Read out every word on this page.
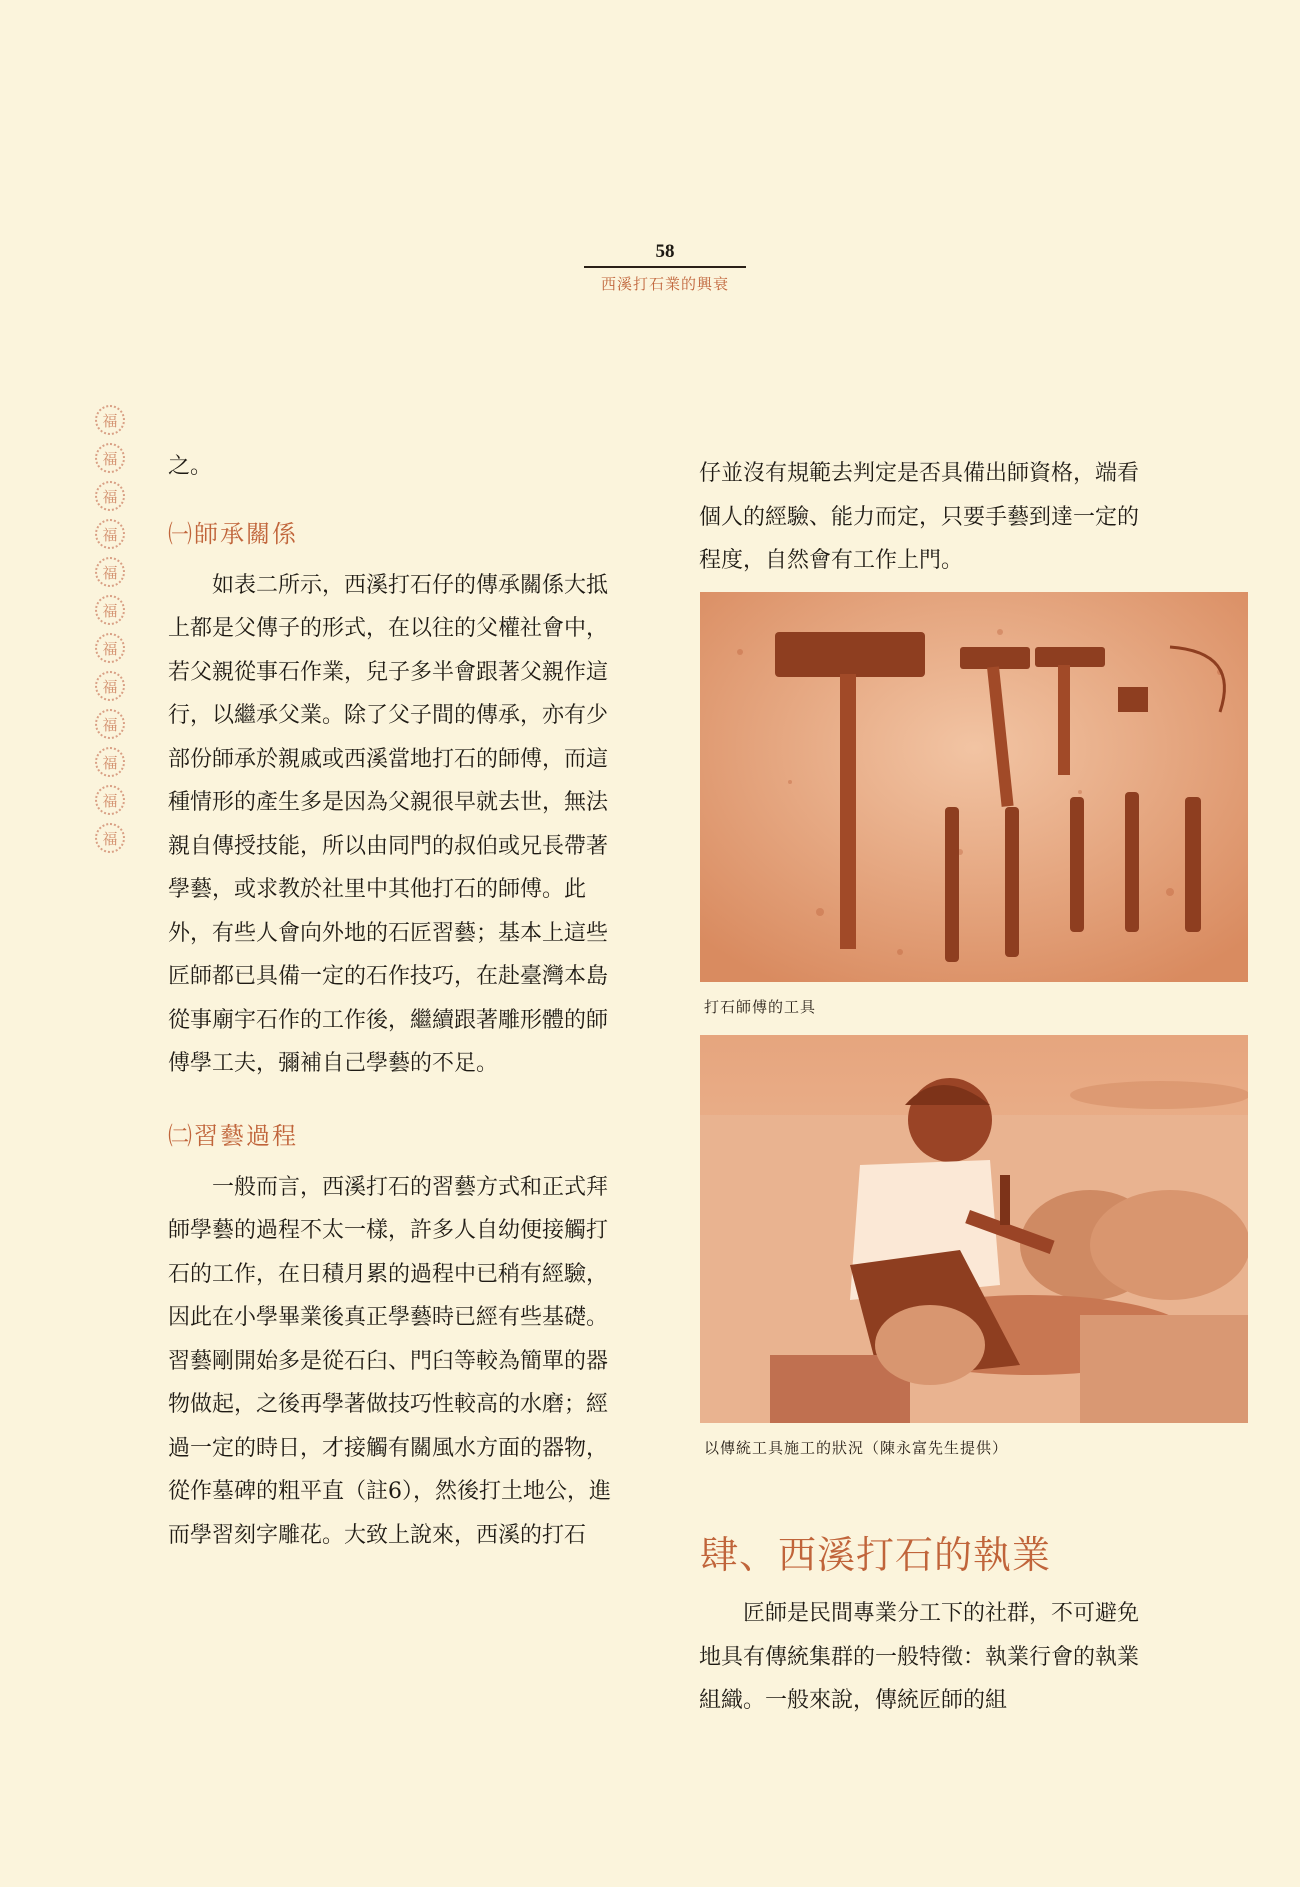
58
西溪打石業的興衰
福
福
福
福
福
福
福
福
福
福
福
福

之。

㈠師承關係

如表二所示，西溪打石仔的傳承關係大抵上都是父傳子的形式，在以往的父權社會中，若父親從事石作業，兒子多半會跟著父親作這行，以繼承父業。除了父子間的傳承，亦有少部份師承於親戚或西溪當地打石的師傅，而這種情形的產生多是因為父親很早就去世，無法親自傳授技能，所以由同門的叔伯或兄長帶著學藝，或求教於社里中其他打石的師傅。此外，有些人會向外地的石匠習藝；基本上這些匠師都已具備一定的石作技巧，在赴臺灣本島從事廟宇石作的工作後，繼續跟著雕形體的師傅學工夫，彌補自己學藝的不足。

㈡習藝過程

一般而言，西溪打石的習藝方式和正式拜師學藝的過程不太一樣，許多人自幼便接觸打石的工作，在日積月累的過程中已稍有經驗，因此在小學畢業後真正學藝時已經有些基礎。習藝剛開始多是從石臼、門臼等較為簡單的器物做起，之後再學著做技巧性較高的水磨；經過一定的時日，才接觸有關風水方面的器物，從作墓碑的粗平直（註6），然後打土地公，進而學習刻字雕花。大致上說來，西溪的打石

仔並沒有規範去判定是否具備出師資格，端看個人的經驗、能力而定，只要手藝到達一定的程度，自然會有工作上門。

打石師傅的工具
以傳統工具施工的狀況（陳永富先生提供）
肆、西溪打石的執業

匠師是民間專業分工下的社群，不可避免地具有傳統集群的一般特徵：執業行會的執業組織。一般來說，傳統匠師的組
